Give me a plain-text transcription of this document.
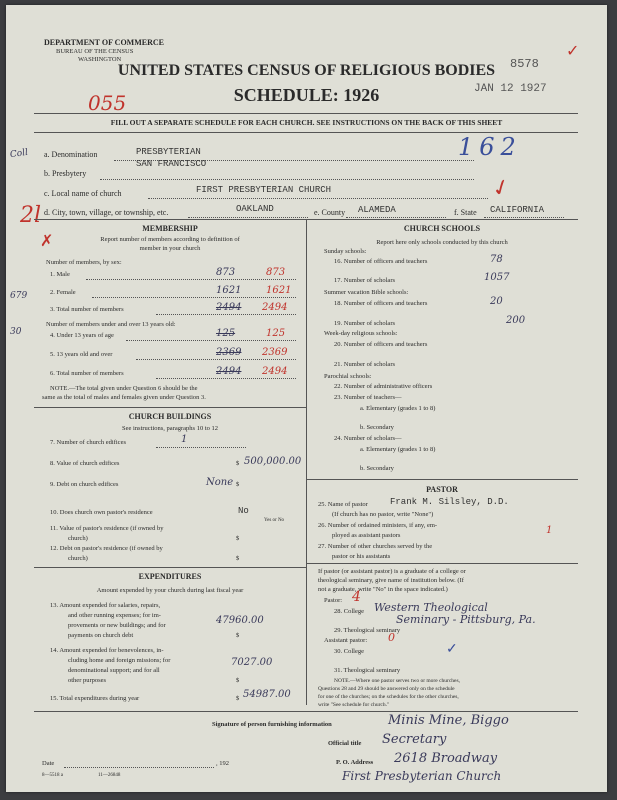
DEPARTMENT OF COMMERCE
BUREAU OF THE CENSUS
WASHINGTON
UNITED STATES CENSUS OF RELIGIOUS BODIES
SCHEDULE: 1926
055
8578
JAN 12 1927
✓
FILL OUT A SEPARATE SCHEDULE FOR EACH CHURCH. SEE INSTRUCTIONS ON THE BACK OF THIS SHEET
Coll	162
a. Denomination	PRESBYTERIAN
SAN FRANCISCO
b. Presbytery
c. Local name of church	FIRST PRESBYTERIAN CHURCH	✓
2l
✗
d. City, town, village, or township, etc.	OAKLAND	e. County ALAMEDA	f. State CALIFORNIA
MEMBERSHIP
Report number of members according to definition of
member in your church
Number of members, by sex:
1. Male	873	873
679	2. Female	1621 1621
3. Total number of members	2494 2494
Number of members under and over 13 years old:
30	4. Under 13 years of age	125	125
5. 13 years old and over	2369 2369
6. Total number of members	2494 2494
NOTE.—The total given under Question 6 should be the
same as the total of males and females given under Question 3.
CHURCH BUILDINGS
See instructions, paragraphs 10 to 12
7. Number of church edifices	1
8. Value of church edifices	$ 500,000.00
9. Debt on church edifices	$
None
10. Does church own pastor's residence	No
Yes or No
11. Value of pastor's residence (if owned by
church)	$
12. Debt on pastor's residence (if owned by
church)	$
EXPENDITURES
Amount expended by your church during last fiscal year
13. Amount expended for salaries, repairs,
and other running expenses; for im-
provements or new buildings; and for
payments on church debt	$
47960.00
14. Amount expended for benevolences, in-
cluding home and foreign missions; for
denominational support; and for all
other purposes	$
7027.00
15. Total expenditures during year	$ 54987.00
CHURCH SCHOOLS
Report here only schools conducted by this church
Sunday schools:
16. Number of officers and teachers	78
17. Number of scholars	1057
Summer vacation Bible schools:
18. Number of officers and teachers	20
19. Number of scholars	200
Week-day religious schools:
20. Number of officers and teachers
21. Number of scholars
Parochial schools:
22. Number of administrative officers
23. Number of teachers—
a. Elementary (grades 1 to 8)
b. Secondary
24. Number of scholars—
a. Elementary (grades 1 to 8)
b. Secondary
PASTOR
25. Name of pastor Frank M. Silsley, D.D.
(If church has no pastor, write "None")
26. Number of ordained ministers, if any, em-
ployed as assistant pastors	1
27. Number of other churches served by the
pastor or his assistants
If pastor (or assistant pastor) is a graduate of a college or
theological seminary, give name of institution below. (If
not a graduate, write "No" in the space indicated.)
Pastor: 4
28. College Western Theological
29. Theological seminary
Seminary - Pittsburg, Pa.
Assistant pastor: 0
30. College	✓
31. Theological seminary
NOTE.—Where one pastor serves two or more churches,
Questions 28 and 29 should be answered only on the schedule
for one of the churches; on the schedules for the other churches,
write "See schedule for church."
Signature of person furnishing information	Minis Mine, Biggo
Official title Secretary
P. O. Address 2618 Broadway
First Presbyterian Church
Date	, 192
8—5518 a	11—26848
